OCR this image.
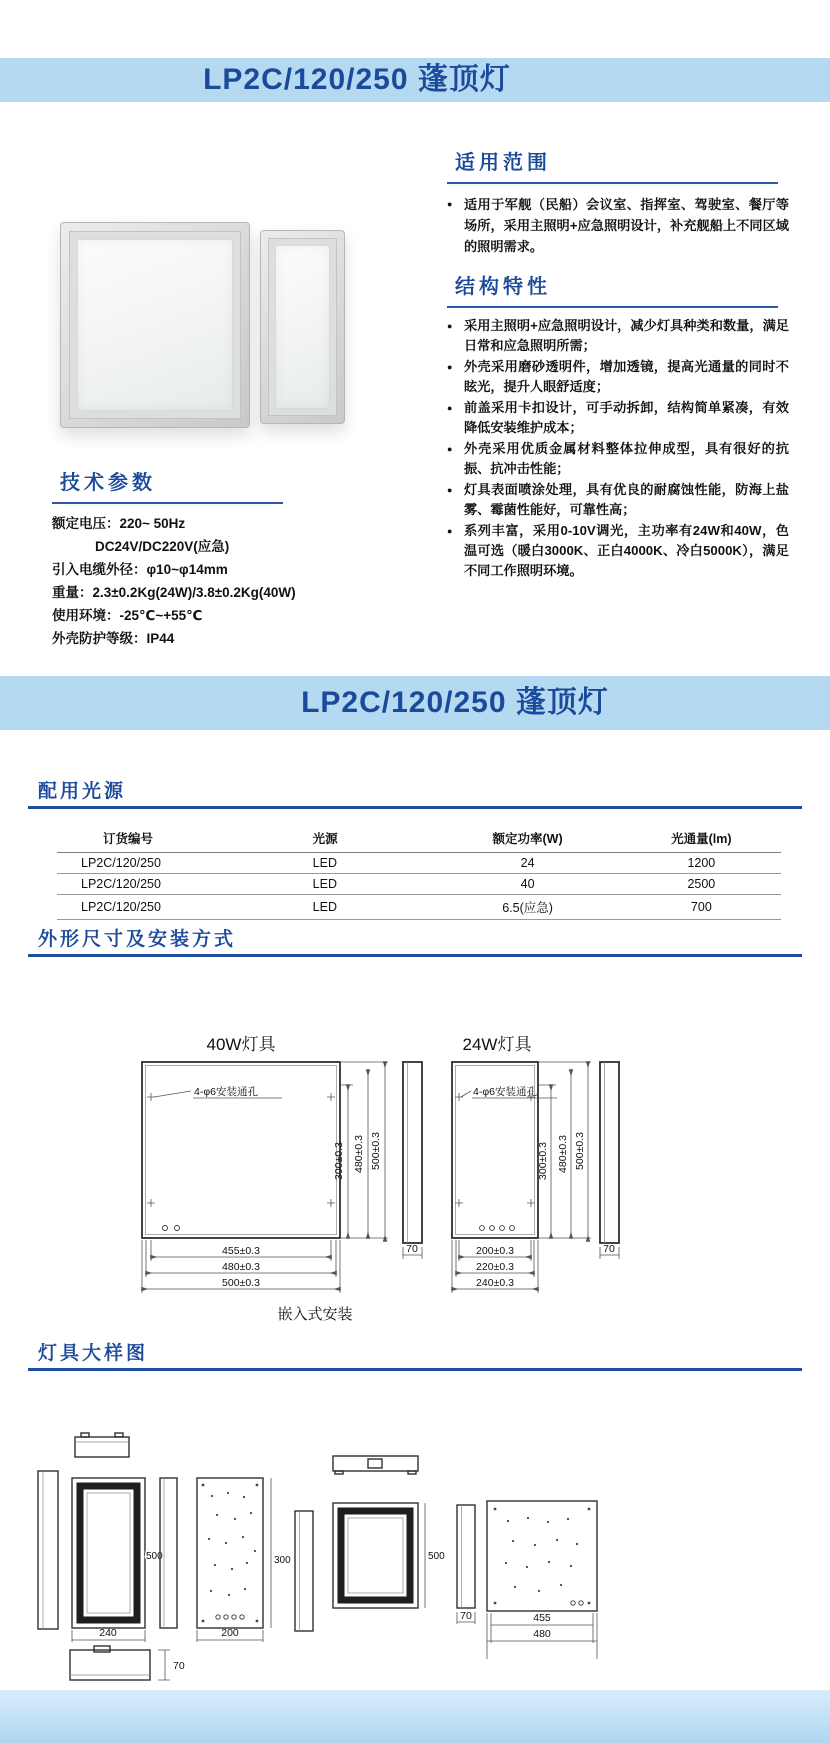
LP2C/120/250 蓬顶灯
适用范围
● 适用于军舰（民船）会议室、指挥室、驾驶室、餐厅等场所，采用主照明+应急照明设计，补充舰船上不同区域的照明需求。
结构特性
● 采用主照明+应急照明设计，减少灯具种类和数量，满足日常和应急照明所需；
● 外壳采用磨砂透明件，增加透镜，提高光通量的同时不眩光，提升人眼舒适度；
● 前盖采用卡扣设计，可手动拆卸，结构简单紧凑，有效降低安装维护成本；
● 外壳采用优质金属材料整体拉伸成型，具有很好的抗振、抗冲击性能；
● 灯具表面喷涂处理，具有优良的耐腐蚀性能，防海上盐雾、霉菌性能好，可靠性高；
● 系列丰富，采用0-10V调光，主功率有24W和40W，色温可选（暖白3000K、正白4000K、冷白5000K），满足不同工作照明环境。
技术参数
额定电压：220~ 50Hz
DC24V/DC220V(应急)
引入电缆外径：φ10~φ14mm
重量：2.3±0.2Kg(24W)/3.8±0.2Kg(40W)
使用环境：-25℃~+55℃
外壳防护等级：IP44
LP2C/120/250 蓬顶灯
配用光源
订货编号	光源	额定功率(W)	光通量(lm)
LP2C/120/250	LED	24	1200
LP2C/120/250	LED	40	2500
LP2C/120/250	LED	6.5(应急)	700
外形尺寸及安装方式
40W灯具
4-φ6安装通孔
300±0.3 480±0.3 500±0.3
70
455±0.3
480±0.3
500±0.3
24W灯具
4-φ6安装通孔
300±0.3 480±0.3 500±0.3
70
200±0.3
220±0.3
240±0.3
嵌入式安装
灯具大样图
500
240
300
200
500
70	455
480
70
